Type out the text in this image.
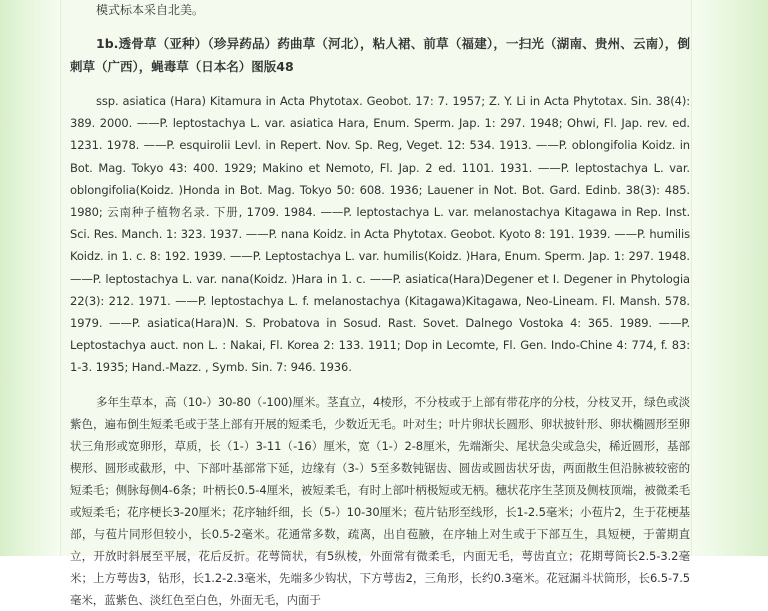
模式标本采自北美。

1b.透骨草（亚种）（珍异药品）药曲草（河北），粘人裙、前草（福建），一扫光（湖南、贵州、云南），倒刺草（广西），蝇毒草（日本名）图版48

ssp. asiatica (Hara) Kitamura in Acta Phytotax. Geobot. 17: 7. 1957; Z. Y. Li in Acta Phytotax. Sin. 38(4): 389. 2000. ——P. leptostachya L. var. asiatica Hara, Enum. Sperm. Jap. 1: 297. 1948; Ohwi, Fl. Jap. rev. ed. 1231. 1978. ——P. esquirolii Levl. in Repert. Nov. Sp. Reg, Veget. 12: 534. 1913. ——P. oblongifolia Koidz. in Bot. Mag. Tokyo 43: 400. 1929; Makino et Nemoto, Fl. Jap. 2 ed. 1101. 1931. ——P. leptostachya L. var. oblongifolia(Koidz. )Honda in Bot. Mag. Tokyo 50: 608. 1936; Lauener in Not. Bot. Gard. Edinb. 38(3): 485. 1980; 云南种子植物名录. 下册, 1709. 1984. ——P. leptostachya L. var. melanostachya Kitagawa in Rep. Inst. Sci. Res. Manch. 1: 323. 1937. ——P. nana Koidz. in Acta Phytotax. Geobot. Kyoto 8: 191. 1939. ——P. humilis Koidz. in 1. c. 8: 192. 1939. ——P. Leptostachya L. var. humilis(Koidz. )Hara, Enum. Sperm. Jap. 1: 297. 1948. ——P. leptostachya L. var. nana(Koidz. )Hara in 1. c. ——P. asiatica(Hara)Degener et I. Degener in Phytologia 22(3): 212. 1971. ——P. leptostachya L. f. melanostachya (Kitagawa)Kitagawa, Neo-Lineam. Fl. Mansh. 578. 1979. ——P. asiatica(Hara)N. S. Probatova in Sosud. Rast. Sovet. Dalnego Vostoka 4: 365. 1989. ——P. Leptostachya auct. non L. : Nakai, Fl. Korea 2: 133. 1911; Dop in Lecomte, Fl. Gen. Indo-Chine 4: 774, f. 83: 1-3. 1935; Hand.-Mazz. , Symb. Sin. 7: 946. 1936.

多年生草本，高（10-）30-80（-100)厘米。茎直立，4棱形，不分枝或于上部有带花序的分枝，分枝叉开，绿色或淡紫色，遍布倒生短柔毛或于茎上部有开展的短柔毛，少数近无毛。叶对生；叶片卵状长圆形、卵状披针形、卵状椭圆形至卵状三角形或宽卵形，草质，长（1-）3-11（-16）厘米，宽（1-）2-8厘米，先端渐尖、尾状急尖或急尖，稀近圆形，基部楔形、圆形或截形，中、下部叶基部常下延，边缘有（3-）5至多数钝锯齿、圆齿或圆齿状牙齿，两面散生但沿脉被较密的短柔毛；侧脉每侧4-6条；叶柄长0.5-4厘米，被短柔毛，有时上部叶柄极短或无柄。穗状花序生茎顶及侧枝顶端，被微柔毛或短柔毛；花序梗长3-20厘米；花序轴纤细，长（5-）10-30厘米；苞片钻形至线形，长1-2.5毫米；小苞片2，生于花梗基部，与苞片同形但较小，长0.5-2毫米。花通常多数，疏离，出自苞腋，在序轴上对生或于下部互生，具短梗，于蕾期直立，开放时斜展至平展，花后反折。花萼筒状，有5纵棱，外面常有微柔毛，内面无毛，萼齿直立；花期萼筒长2.5-3.2毫米；上方萼齿3，钻形，长1.2-2.3毫米，先端多少钩状，下方萼齿2，三角形，长约0.3毫米。花冠漏斗状筒形，长6.5-7.5毫米，蓝紫色、淡红色至白色，外面无毛，内面于
